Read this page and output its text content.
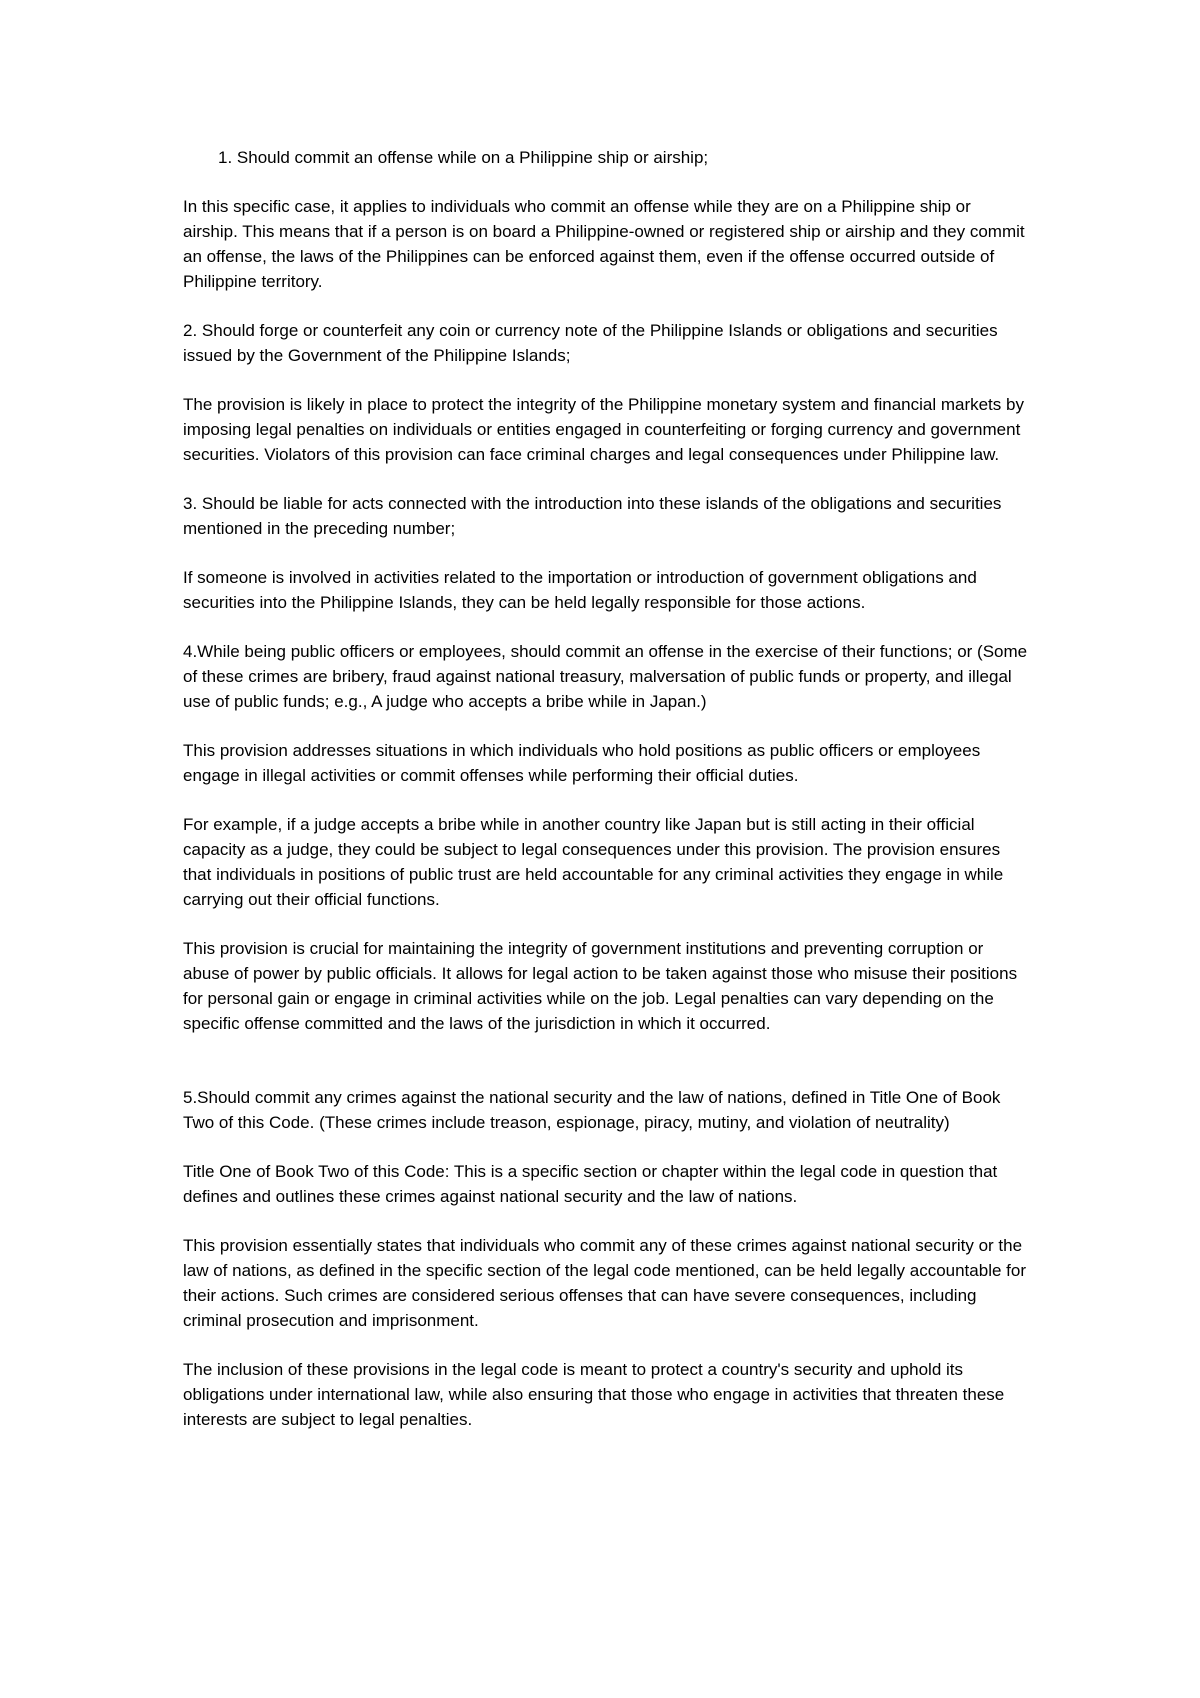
1. Should commit an offense while on a Philippine ship or airship;

In this specific case, it applies to individuals who commit an offense while they are on a Philippine ship or airship. This means that if a person is on board a Philippine-owned or registered ship or airship and they commit an offense, the laws of the Philippines can be enforced against them, even if the offense occurred outside of Philippine territory.

2. Should forge or counterfeit any coin or currency note of the Philippine Islands or obligations and securities issued by the Government of the Philippine Islands;

The provision is likely in place to protect the integrity of the Philippine monetary system and financial markets by imposing legal penalties on individuals or entities engaged in counterfeiting or forging currency and government securities. Violators of this provision can face criminal charges and legal consequences under Philippine law.

3. Should be liable for acts connected with the introduction into these islands of the obligations and securities mentioned in the preceding number;

If someone is involved in activities related to the importation or introduction of government obligations and securities into the Philippine Islands, they can be held legally responsible for those actions.

4.While being public officers or employees, should commit an offense in the exercise of their functions; or (Some of these crimes are bribery, fraud against national treasury, malversation of public funds or property, and illegal use of public funds; e.g., A judge who accepts a bribe while in Japan.)

This provision addresses situations in which individuals who hold positions as public officers or employees engage in illegal activities or commit offenses while performing their official duties.

For example, if a judge accepts a bribe while in another country like Japan but is still acting in their official capacity as a judge, they could be subject to legal consequences under this provision. The provision ensures that individuals in positions of public trust are held accountable for any criminal activities they engage in while carrying out their official functions.

This provision is crucial for maintaining the integrity of government institutions and preventing corruption or abuse of power by public officials. It allows for legal action to be taken against those who misuse their positions for personal gain or engage in criminal activities while on the job. Legal penalties can vary depending on the specific offense committed and the laws of the jurisdiction in which it occurred.

5.Should commit any crimes against the national security and the law of nations, defined in Title One of Book Two of this Code. (These crimes include treason, espionage, piracy, mutiny, and violation of neutrality)

Title One of Book Two of this Code: This is a specific section or chapter within the legal code in question that defines and outlines these crimes against national security and the law of nations.

This provision essentially states that individuals who commit any of these crimes against national security or the law of nations, as defined in the specific section of the legal code mentioned, can be held legally accountable for their actions. Such crimes are considered serious offenses that can have severe consequences, including criminal prosecution and imprisonment.

The inclusion of these provisions in the legal code is meant to protect a country's security and uphold its obligations under international law, while also ensuring that those who engage in activities that threaten these interests are subject to legal penalties.
